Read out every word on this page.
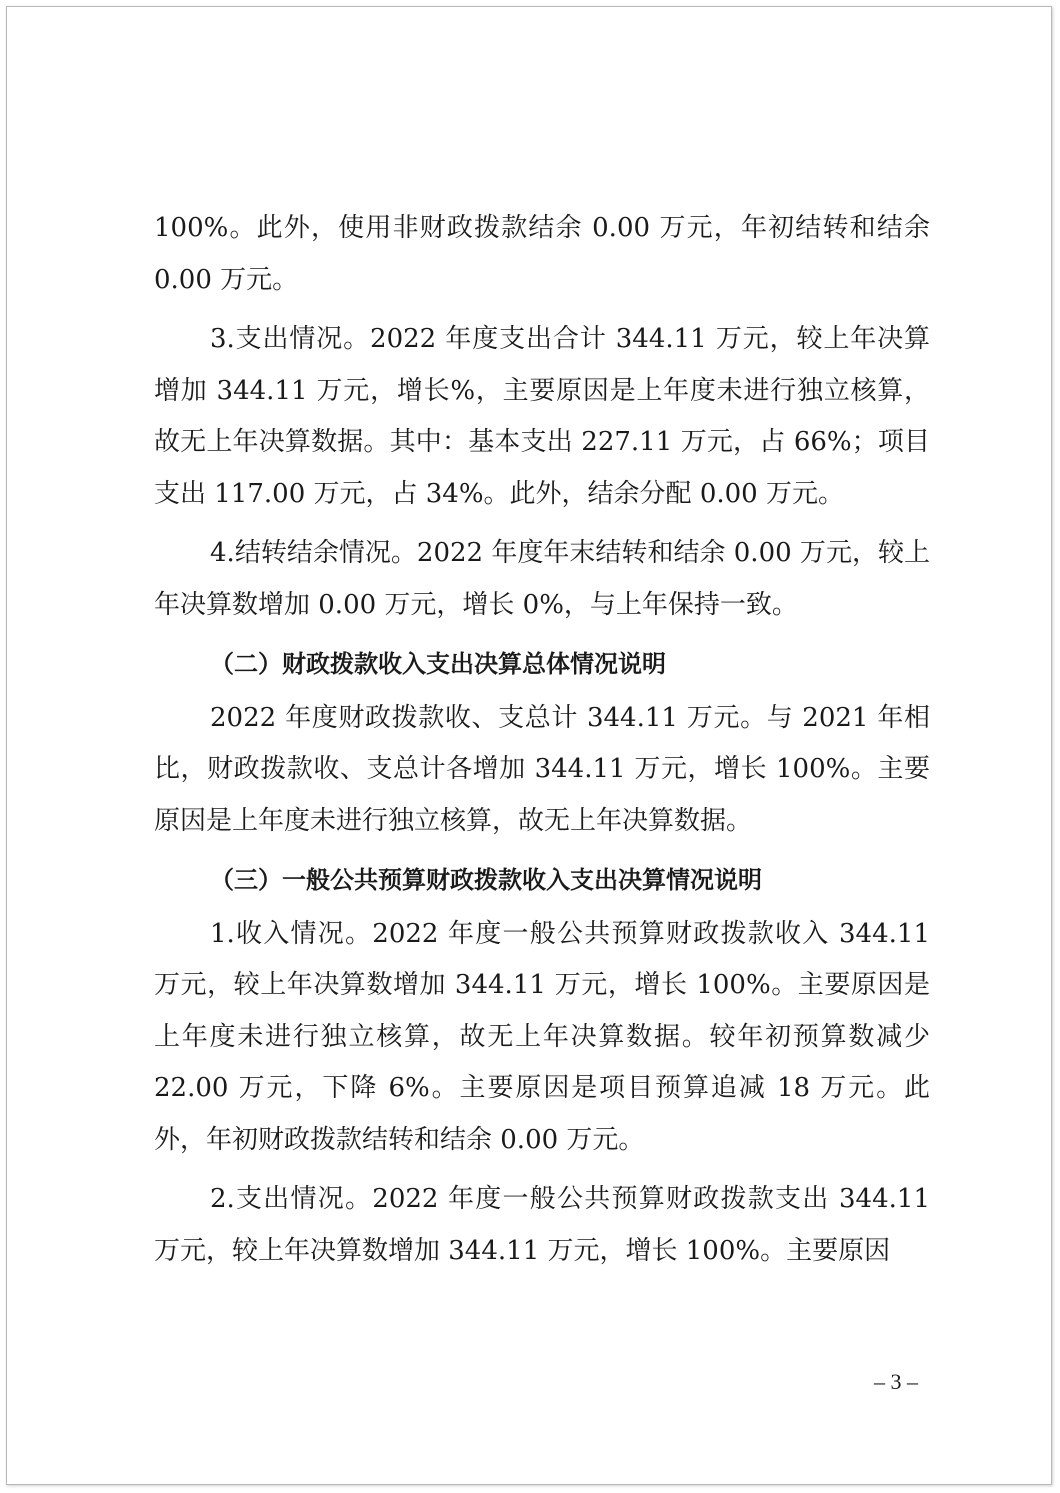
100%。此外，使用非财政拨款结余 0.00 万元，年初结转和结余 0.00 万元。

3.支出情况。2022 年度支出合计 344.11 万元，较上年决算增加 344.11 万元，增长%，主要原因是上年度未进行独立核算，故无上年决算数据。其中：基本支出 227.11 万元，占 66%；项目支出 117.00 万元，占 34%。此外，结余分配 0.00 万元。

4.结转结余情况。2022 年度年末结转和结余 0.00 万元，较上年决算数增加 0.00 万元，增长 0%，与上年保持一致。

（二）财政拨款收入支出决算总体情况说明

2022 年度财政拨款收、支总计 344.11 万元。与 2021 年相比，财政拨款收、支总计各增加 344.11 万元，增长 100%。主要原因是上年度未进行独立核算，故无上年决算数据。

（三）一般公共预算财政拨款收入支出决算情况说明

1.收入情况。2022 年度一般公共预算财政拨款收入 344.11 万元，较上年决算数增加 344.11 万元，增长 100%。主要原因是上年度未进行独立核算，故无上年决算数据。较年初预算数减少 22.00 万元，下降 6%。主要原因是项目预算追减 18 万元。此外，年初财政拨款结转和结余 0.00 万元。

2.支出情况。2022 年度一般公共预算财政拨款支出 344.11 万元，较上年决算数增加 344.11 万元，增长 100%。主要原因

– 3 –
